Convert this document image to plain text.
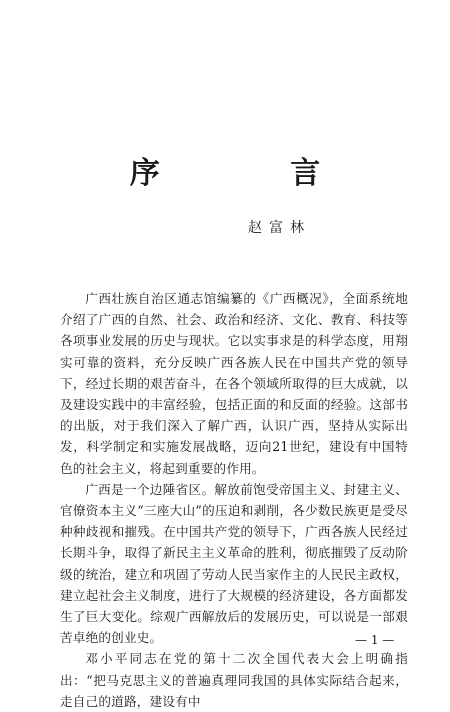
序 言
赵富林

广西壮族自治区通志馆编纂的《广西概况》，全面系统地介绍了广西的自然、社会、政治和经济、文化、教育、科技等各项事业发展的历史与现状。它以实事求是的科学态度，用翔实可靠的资料，充分反映广西各族人民在中国共产党的领导下，经过长期的艰苦奋斗，在各个领域所取得的巨大成就，以及建设实践中的丰富经验，包括正面的和反面的经验。这部书的出版，对于我们深入了解广西，认识广西，坚持从实际出发，科学制定和实施发展战略，迈向21世纪，建设有中国特色的社会主义，将起到重要的作用。

广西是一个边陲省区。解放前饱受帝国主义、封建主义、官僚资本主义“三座大山”的压迫和剥削，各少数民族更是受尽种种歧视和摧残。在中国共产党的领导下，广西各族人民经过长期斗争，取得了新民主主义革命的胜利，彻底摧毁了反动阶级的统治，建立和巩固了劳动人民当家作主的人民民主政权，建立起社会主义制度，进行了大规模的经济建设，各方面都发生了巨大变化。综观广西解放后的发展历史，可以说是一部艰苦卓绝的创业史。

邓小平同志在党的第十二次全国代表大会上明确指出：“把马克思主义的普遍真理同我国的具体实际结合起来，走自己的道路，建设有中

— 1 —
